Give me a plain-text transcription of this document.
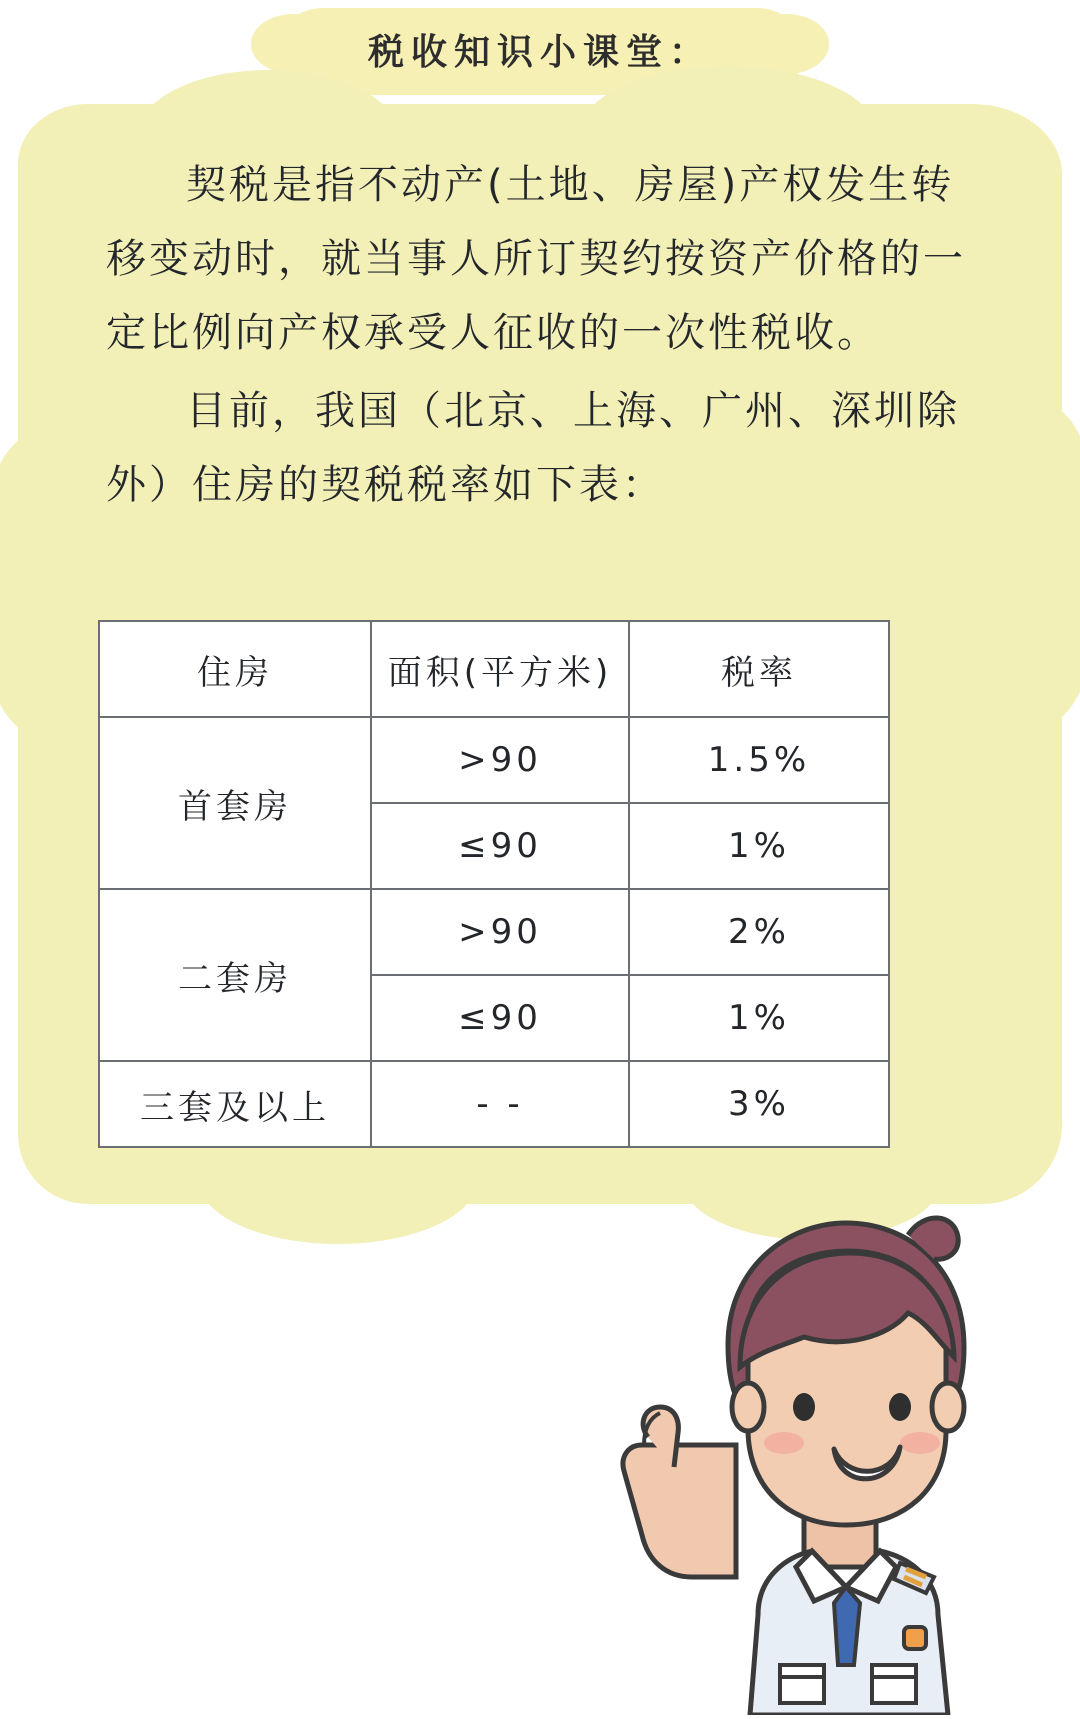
税收知识小课堂：

契税是指不动产(土地、房屋)产权发生转移变动时，就当事人所订契约按资产价格的一定比例向产权承受人征收的一次性税收。

目前，我国（北京、上海、广州、深圳除外）住房的契税税率如下表：

住房	面积(平方米)	税率
首套房	>90	1.5%
	≤90	1%
二套房	>90	2%
	≤90	1%
三套及以上	- -	3%
